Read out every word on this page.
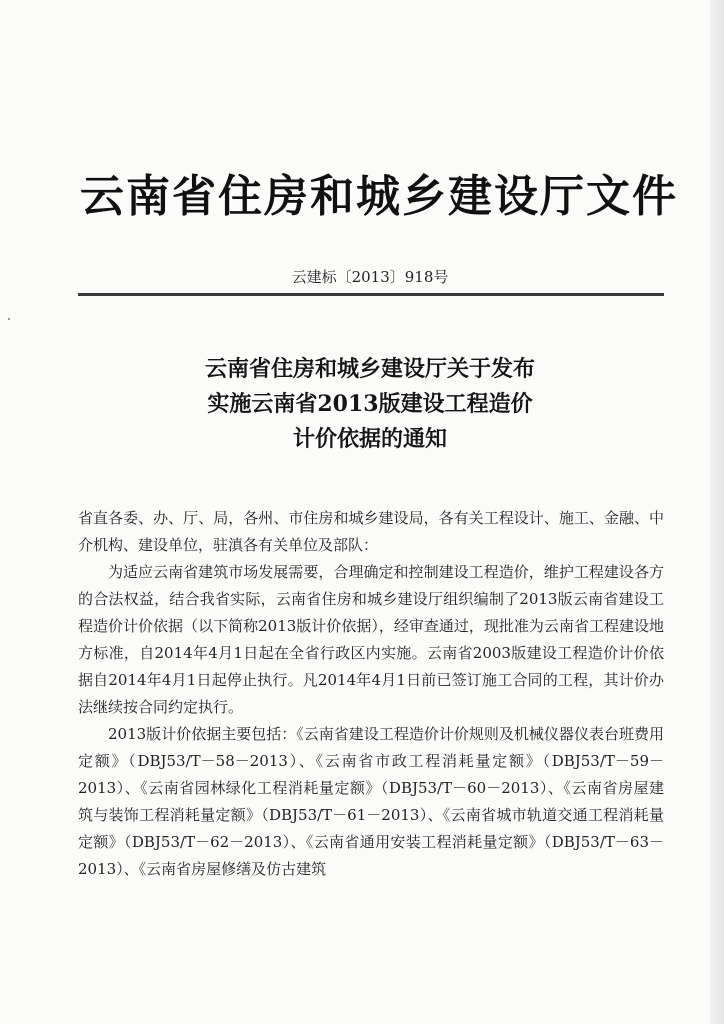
云南省住房和城乡建设厅文件
云建标〔2013〕918号
云南省住房和城乡建设厅关于发布
实施云南省2013版建设工程造价
计价依据的通知

省直各委、办、厅、局，各州、市住房和城乡建设局，各有关工程设计、施工、金融、中介机构、建设单位，驻滇各有关单位及部队：

为适应云南省建筑市场发展需要，合理确定和控制建设工程造价，维护工程建设各方的合法权益，结合我省实际，云南省住房和城乡建设厅组织编制了2013版云南省建设工程造价计价依据（以下简称2013版计价依据），经审查通过，现批准为云南省工程建设地方标准，自2014年4月1日起在全省行政区内实施。云南省2003版建设工程造价计价依据自2014年4月1日起停止执行。凡2014年4月1日前已签订施工合同的工程，其计价办法继续按合同约定执行。

2013版计价依据主要包括：《云南省建设工程造价计价规则及机械仪器仪表台班费用定额》（DBJ53/T－58－2013）、《云南省市政工程消耗量定额》（DBJ53/T－59－2013）、《云南省园林绿化工程消耗量定额》（DBJ53/T－60－2013）、《云南省房屋建筑与装饰工程消耗量定额》（DBJ53/T－61－2013）、《云南省城市轨道交通工程消耗量定额》（DBJ53/T－62－2013）、《云南省通用安装工程消耗量定额》（DBJ53/T－63－2013）、《云南省房屋修缮及仿古建筑
